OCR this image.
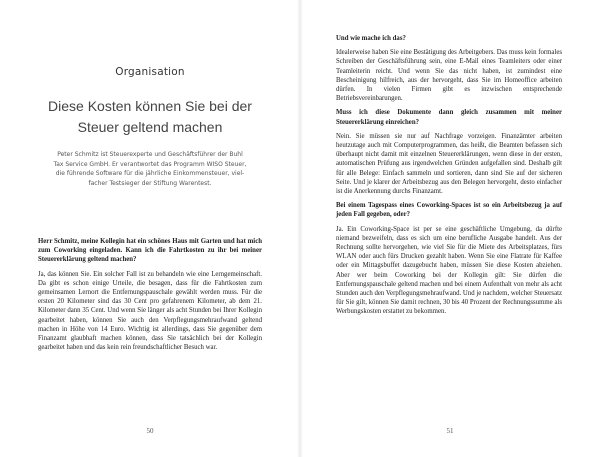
Organisation
Diese Kosten können Sie bei der Steuer geltend machen

Peter Schmitz ist Steuerexperte und Geschäftsführer der Buhl

Tax Service GmbH. Er verantwortet das Programm WISO Steuer,

die führende Software für die jährliche Einkommensteuer, viel-

facher Testsieger der Stiftung Warentest.

Herr Schmitz, meine Kollegin hat ein schönes Haus mit Garten und hat mich zum Coworking eingeladen. Kann ich die Fahrtkosten zu ihr bei meiner Steuererklärung geltend machen?

Ja, das können Sie. Ein solcher Fall ist zu behandeln wie eine Lerngemeinschaft. Da gibt es schon einige Urteile, die besagen, dass für die Fahrtkosten zum gemeinsamen Lernort die Entfernungspauschale gewählt werden muss. Für die ersten 20 Kilometer sind das 30 Cent pro gefahrenem Kilometer, ab dem 21. Kilometer dann 35 Cent. Und wenn Sie länger als acht Stunden bei Ihrer Kollegin gearbeitet haben, können Sie auch den Verpflegungsmehraufwand geltend machen in Höhe von 14 Euro. Wichtig ist allerdings, dass Sie gegenüber dem Finanzamt glaubhaft machen können, dass Sie tatsächlich bei der Kollegin gearbeitet haben und das kein rein freundschaftlicher Besuch war.

50

Und wie mache ich das?

Idealerweise haben Sie eine Bestätigung des Arbeitgebers. Das muss kein formales Schreiben der Geschäftsführung sein, eine E-Mail eines Teamleiters oder einer Teamleiterin reicht. Und wenn Sie das nicht haben, ist zumindest eine Bescheinigung hilfreich, aus der hervorgeht, dass Sie im Homeoffice arbeiten dürfen. In vielen Firmen gibt es inzwischen entsprechende Betriebsvereinbarungen.

Muss ich diese Dokumente dann gleich zusammen mit meiner Steuererklärung einreichen?

Nein. Sie müssen sie nur auf Nachfrage vorzeigen. Finanzämter arbeiten heutzutage auch mit Computerprogrammen, das heißt, die Beamten befassen sich überhaupt nicht damit mit einzelnen Steuererklärungen, wenn diese in der ersten, automatischen Prüfung aus irgendwelchen Gründen aufgefallen sind. Deshalb gilt für alle Belege: Einfach sammeln und sortieren, dann sind Sie auf der sicheren Seite. Und je klarer der Arbeitsbezug aus den Belegen hervorgeht, desto einfacher ist die Anerkennung durchs Finanzamt.

Bei einem Tagespass eines Coworking-Spaces ist so ein Arbeitsbezug ja auf jeden Fall gegeben, oder?

Ja. Ein Coworking-Space ist per se eine geschäftliche Umgebung, da dürfte niemand bezweifeln, dass es sich um eine berufliche Ausgabe handelt. Aus der Rechnung sollte hervorgehen, wie viel Sie für die Miete des Arbeitsplatzes, fürs WLAN oder auch fürs Drucken gezahlt haben. Wenn Sie eine Flatrate für Kaffee oder ein Mittagsbuffet dazugebucht haben, müssen Sie diese Kosten abziehen. Aber wer beim Coworking bei der Kollegin gilt: Sie dürfen die Entfernungspauschale geltend machen und bei einem Aufenthalt von mehr als acht Stunden auch den Verpflegungsmehraufwand. Und je nachdem, welcher Steuersatz für Sie gilt, können Sie damit rechnen, 30 bis 40 Prozent der Rechnungssumme als Werbungskosten erstattet zu bekommen.

51
